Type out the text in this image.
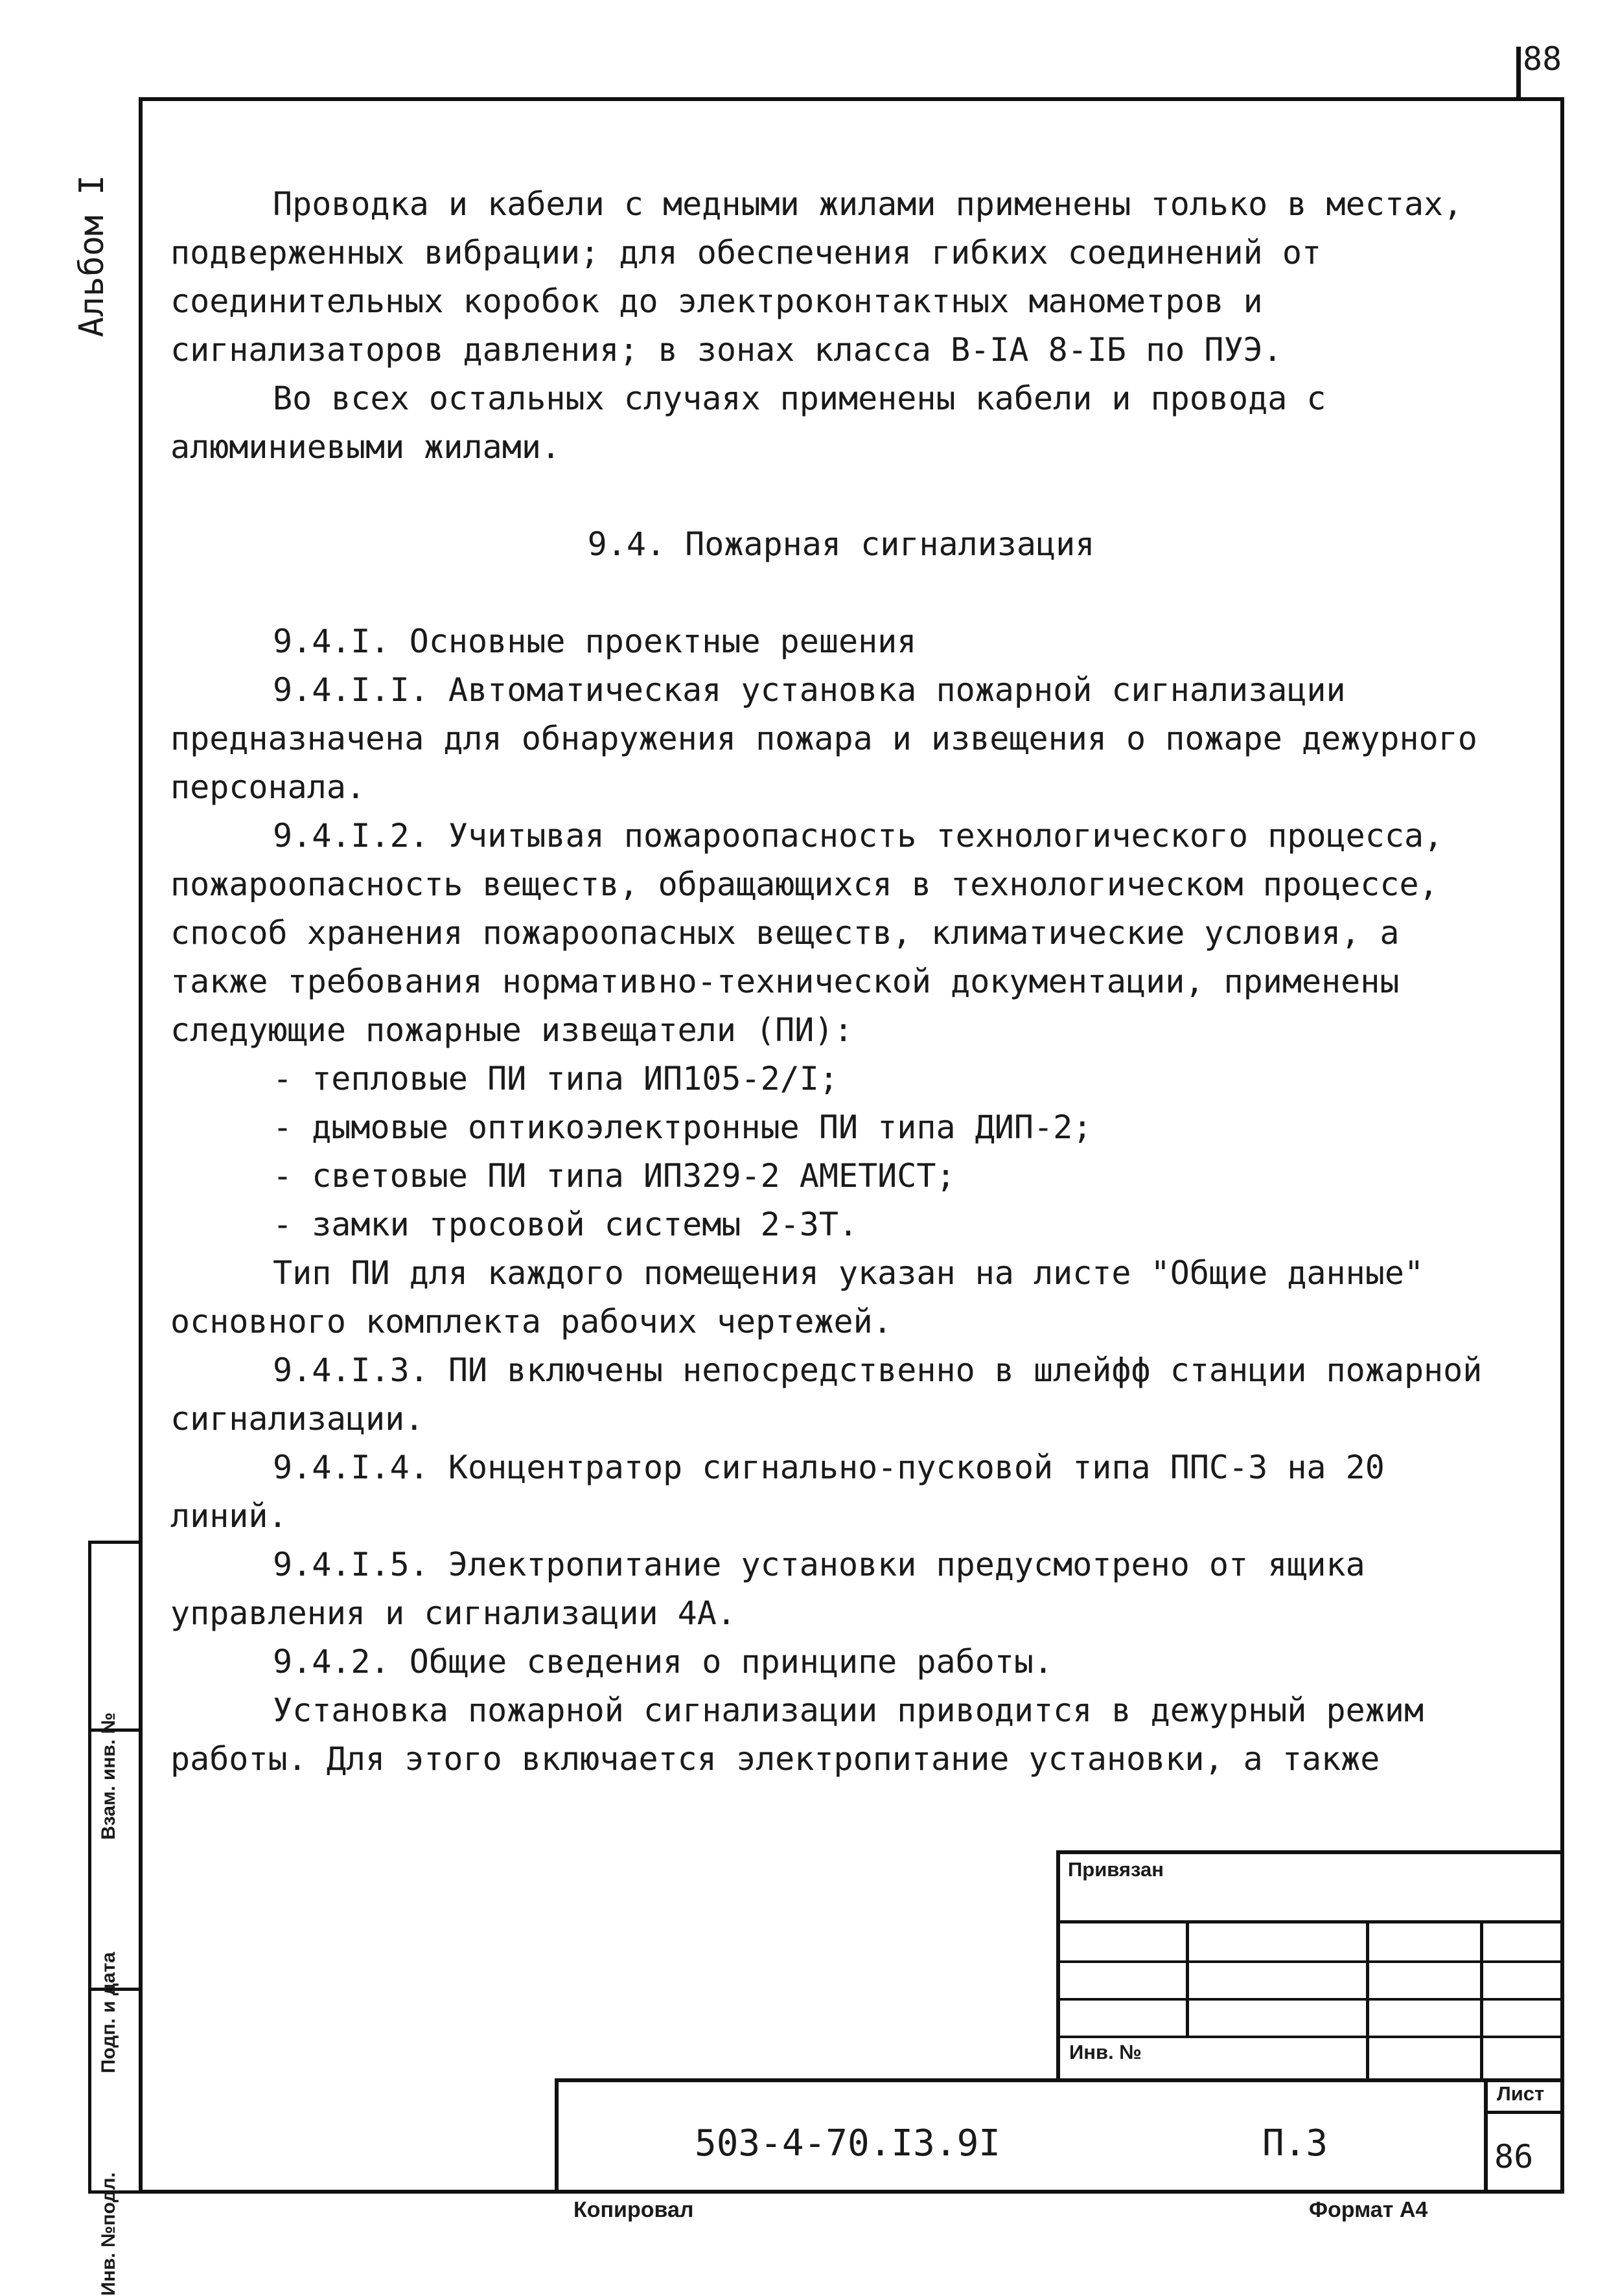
88
Альбом I	Проводка и кабели с медными жилами применены только в местах, подверженных вибрации; для обеспечения гибких соединений от соединительных коробок до электроконтактных манометров и сигнализаторов давления; в зонах класса В-IA 8-IБ по ПУЭ.

Во всех остальных случаях применены кабели и провода с алюминиевыми жилами.

9.4. Пожарная сигнализация

9.4.I. Основные проектные решения

9.4.I.I. Автоматическая установка пожарной сигнализации предназначена для обнаружения пожара и извещения о пожаре дежурного персонала.

9.4.I.2. Учитывая пожароопасность технологического процесса, пожароопасность веществ, обращающихся в технологическом процессе, способ хранения пожароопасных веществ, климатические условия, а также требования нормативно-технической документации, применены следующие пожарные извещатели (ПИ):

- тепловые ПИ типа ИП105-2/I;

- дымовые оптикоэлектронные ПИ типа ДИП-2;

- световые ПИ типа ИП329-2 АМЕТИСТ;

- замки тросовой системы 2-3Т.

Тип ПИ для каждого помещения указан на листе "Общие данные" основного комплекта рабочих чертежей.

9.4.I.3. ПИ включены непосредственно в шлейфф станции пожарной сигнализации.

9.4.I.4. Концентратор сигнально-пусковой типа ППС-3 на 20 линий.

9.4.I.5. Электропитание установки предусмотрено от ящика управления и сигнализации 4А.

9.4.2. Общие сведения о принципе работы.

Установка пожарной сигнализации приводится в дежурный режим работы. Для этого включается электропитание установки, а также

Взам. инв. №
Подп. и дата
Инв. №подл.
Привязан
Инв. №
Лист
503-4-70.I3.9I	П.3	86
Копировал	Формат А4
